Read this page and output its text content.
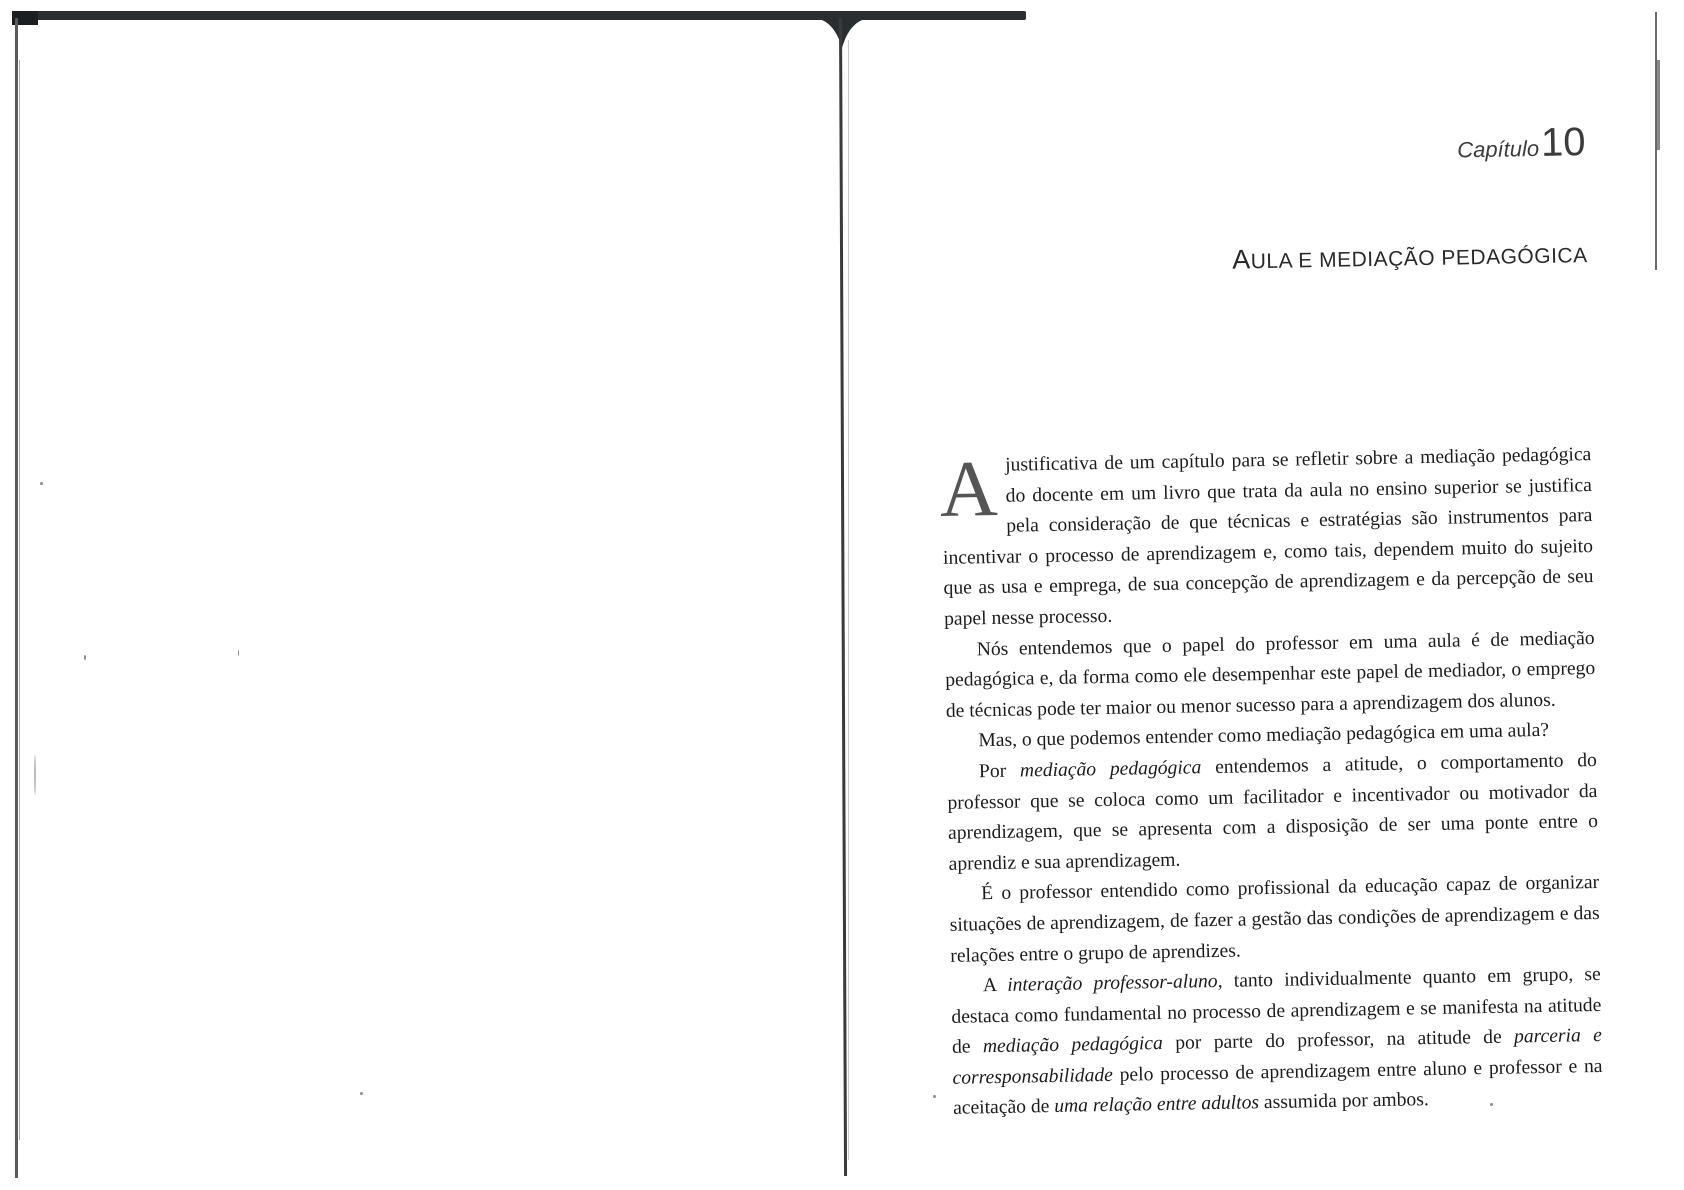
Capítulo10
AULA E MEDIAÇÃO PEDAGÓGICA

Ajustificativa de um capítulo para se refletir sobre a mediação pedagógica do docente em um livro que trata da aula no ensino superior se justifica pela consideração de que técnicas e estratégias são instrumentos para incentivar o processo de aprendizagem e, como tais, dependem muito do sujeito que as usa e emprega, de sua concepção de aprendizagem e da percepção de seu papel nesse processo.

Nós entendemos que o papel do professor em uma aula é de mediação pedagógica e, da forma como ele desempenhar este papel de mediador, o emprego de técnicas pode ter maior ou menor sucesso para a aprendizagem dos alunos.

Mas, o que podemos entender como mediação pedagógica em uma aula?

Por mediação pedagógica entendemos a atitude, o comportamento do professor que se coloca como um facilitador e incentivador ou motivador da aprendizagem, que se apresenta com a disposição de ser uma ponte entre o aprendiz e sua aprendizagem.

É o professor entendido como profissional da educação capaz de organizar situações de aprendizagem, de fazer a gestão das condições de aprendizagem e das relações entre o grupo de aprendizes.

A interação professor-aluno, tanto individualmente quanto em grupo, se destaca como fundamental no processo de aprendizagem e se manifesta na atitude de mediação pedagógica por parte do professor, na atitude de parceria e corresponsabilidade pelo processo de aprendizagem entre aluno e professor e na aceitação de uma relação entre adultos assumida por ambos.
